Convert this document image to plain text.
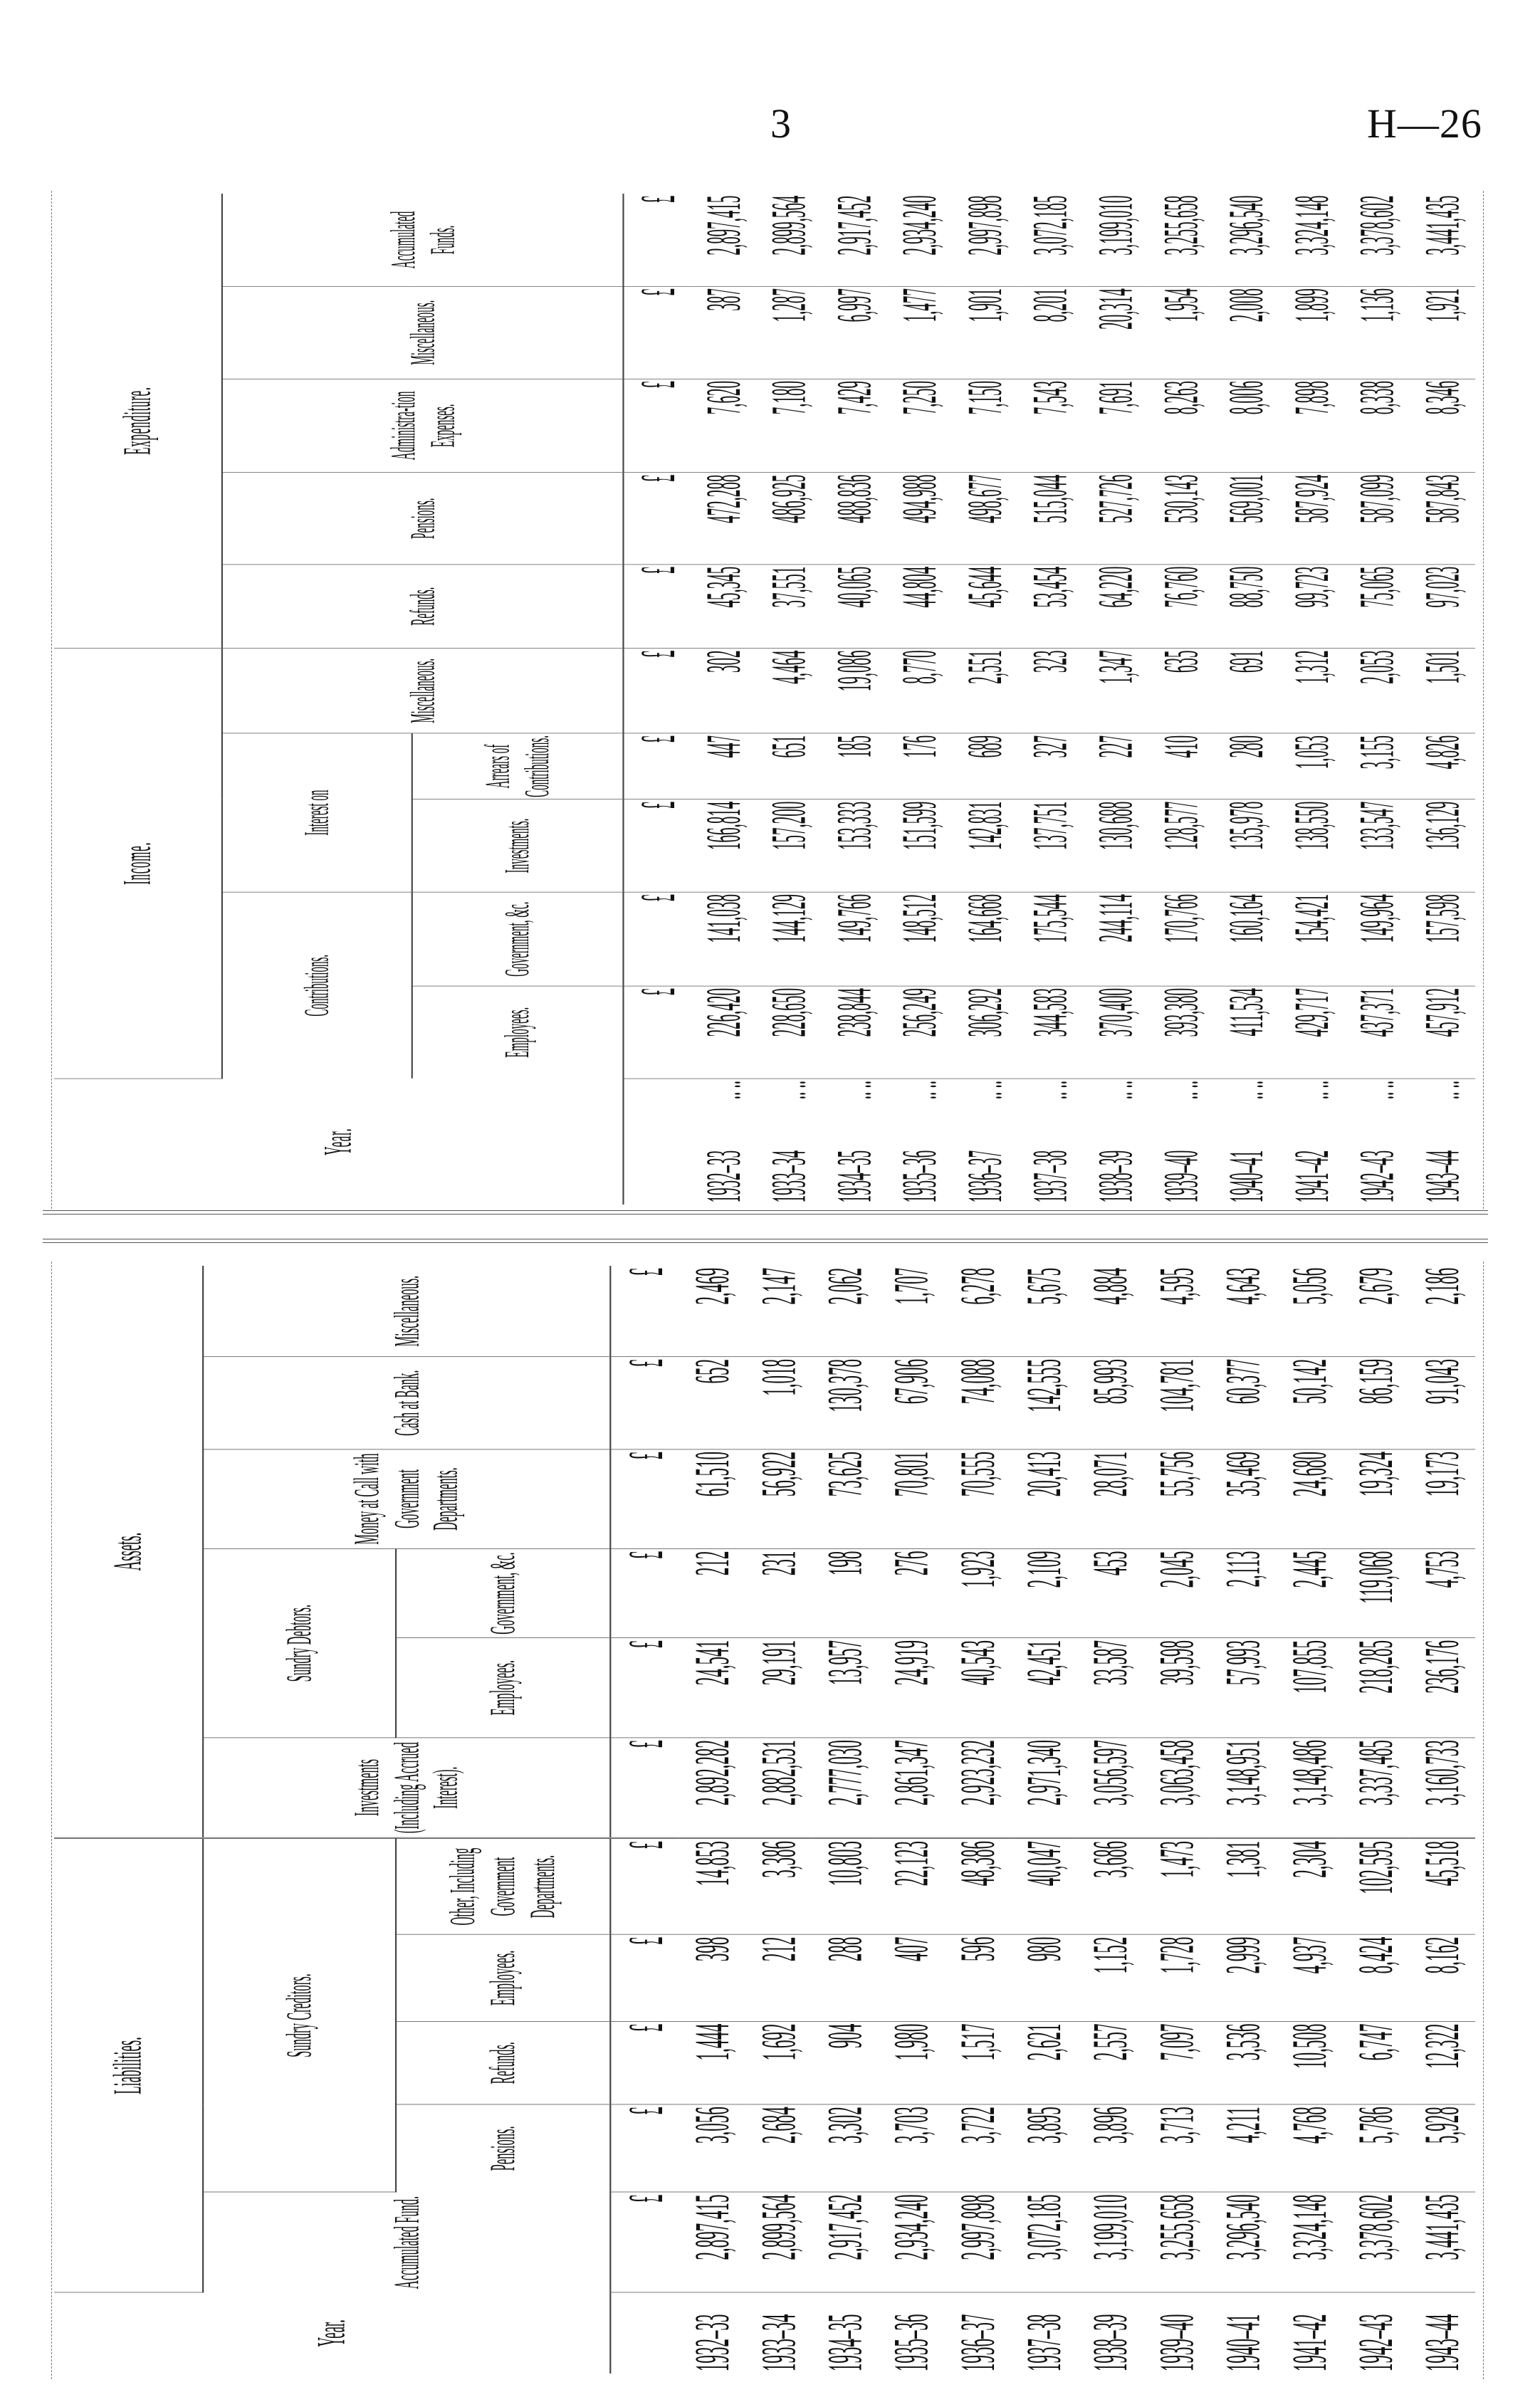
3	H—26
Year.		Income.					Expenditure.				
		Contributions.		Interest on		Miscellaneous.	Refunds.	Pensions.	Administra-tion Expenses.	Miscellaneous.	Accumulated Funds.
		Employees.	Government, &c.	Investments.	Arrears of Contributions.						
		£	£	£	£	£	£	£	£	£	£
1932–33	.. ..	226,420	141,038	166,814	447	302	45,345	472,288	7,620	387	2,897,415
1933–34	.. ..	228,650	144,129	157,200	651	4,464	37,551	486,925	7,180	1,287	2,899,564
1934–35	.. ..	238,844	149,766	153,333	185	19,086	40,065	488,836	7,429	6,997	2,917,452
1935–36	.. ..	256,249	148,512	151,599	176	8,770	44,804	494,988	7,250	1,477	2,934,240
1936–37	.. ..	306,292	164,668	142,831	689	2,551	45,644	498,677	7,150	1,901	2,997,898
1937–38	.. ..	344,583	175,544	137,751	327	323	53,454	515,044	7,543	8,201	3,072,185
1938–39	.. ..	370,400	244,114	130,688	227	1,347	64,220	527,726	7,691	20,314	3,199,010
1939–40	.. ..	393,380	170,766	128,577	410	635	76,760	530,143	8,263	1,954	3,255,658
1940–41	.. ..	411,534	160,164	135,978	280	691	88,750	569,001	8,006	2,008	3,296,540
1941–42	.. ..	429,717	154,421	138,550	1,053	1,312	99,723	587,924	7,898	1,899	3,324,148
1942–43	.. ..	437,371	149,964	133,547	3,155	2,053	75,065	587,099	8,338	1,136	3,378,602
1943–44	.. ..	457,912	157,598	136,129	4,826	1,501	97,023	587,843	8,346	1,921	3,441,435
Year.	Liabilities.					Assets.					
	Accumulated Fund.	Sundry Creditors.				Investments (Including Accrued Interest).	Sundry Debtors.		Money at Call with Government Departments.	Cash at Bank.	Miscellaneous.
		Pensions.	Refunds.	Employees.	Other, Including Government Departments.		Employees.	Government, &c.			
	£	£	£	£	£	£	£	£	£	£	£
1932–33	2,897,415	3,056	1,444	398	14,853	2,892,282	24,541	212	61,510	652	2,469
1933–34	2,899,564	2,684	1,692	212	3,386	2,882,531	29,191	231	56,922	1,018	2,147
1934–35	2,917,452	3,302	904	288	10,803	2,777,030	13,957	198	73,625	130,378	2,062
1935–36	2,934,240	3,703	1,980	407	22,123	2,861,347	24,919	276	70,801	67,906	1,707
1936–37	2,997,898	3,722	1,517	596	48,386	2,923,232	40,543	1,923	70,555	74,088	6,278
1937–38	3,072,185	3,895	2,621	980	40,047	2,971,340	42,451	2,109	20,413	142,555	5,675
1938–39	3,199,010	3,896	2,557	1,152	3,686	3,056,597	33,587	453	28,071	85,993	4,884
1939–40	3,255,658	3,713	7,097	1,728	1,473	3,063,458	39,598	2,045	55,756	104,781	4,595
1940–41	3,296,540	4,211	3,536	2,999	1,381	3,148,951	57,993	2,113	35,469	60,377	4,643
1941–42	3,324,148	4,768	10,508	4,937	2,304	3,148,486	107,855	2,445	24,680	50,142	5,056
1942–43	3,378,602	5,786	6,747	8,424	102,595	3,337,485	218,285	119,068	19,324	86,159	2,679
1943–44	3,441,435	5,928	12,322	8,162	45,518	3,160,733	236,176	4,753	19,173	91,043	2,186
